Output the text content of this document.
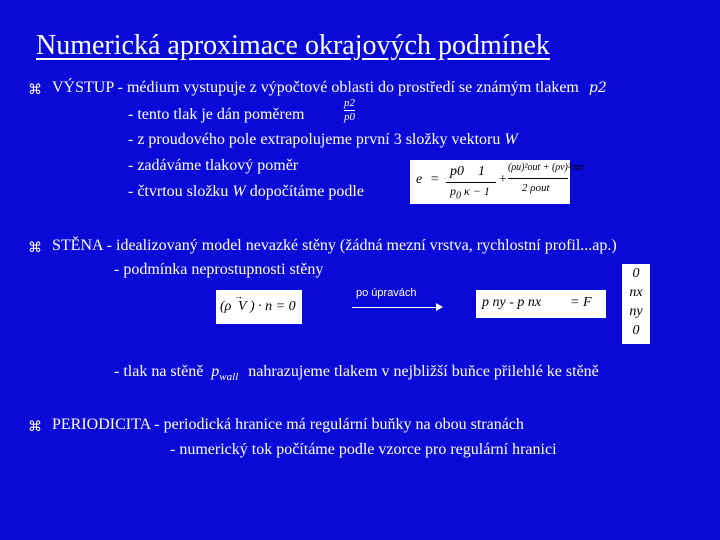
Numerická aproximace okrajových podmínek
⌘ VÝSTUP - médium vystupuje z výpočtové oblasti do prostředí se známým tlakem p2
- tento tlak je dán poměrem	$\frac{p2}{p0}$
- z proudového pole extrapolujeme první 3 složky vektoru W
- zadáváme tlakový poměr
- čtvrtou složku W dopočítáme podle
e =
p0 1
$p_0$ κ − 1
+
(ρu)²out + (ρv)²out
2 ρout
⌘ STĚNA - idealizovaný model nevazké stěny (žádná mezní vrstva, rychlostní profil...ap.)
- podmínka neprostupnosti stěny
(ρ
→
V ) · n = 0
po úpravách
p ny - p nx = F
0
nx
ny
0
- tlak na stěně $p_{wall}$ nahrazujeme tlakem v nejbližší buňce přilehlé ke stěně
⌘ PERIODICITA - periodická hranice má regulární buňky na obou stranách
- numerický tok počítáme podle vzorce pro regulární hranici
